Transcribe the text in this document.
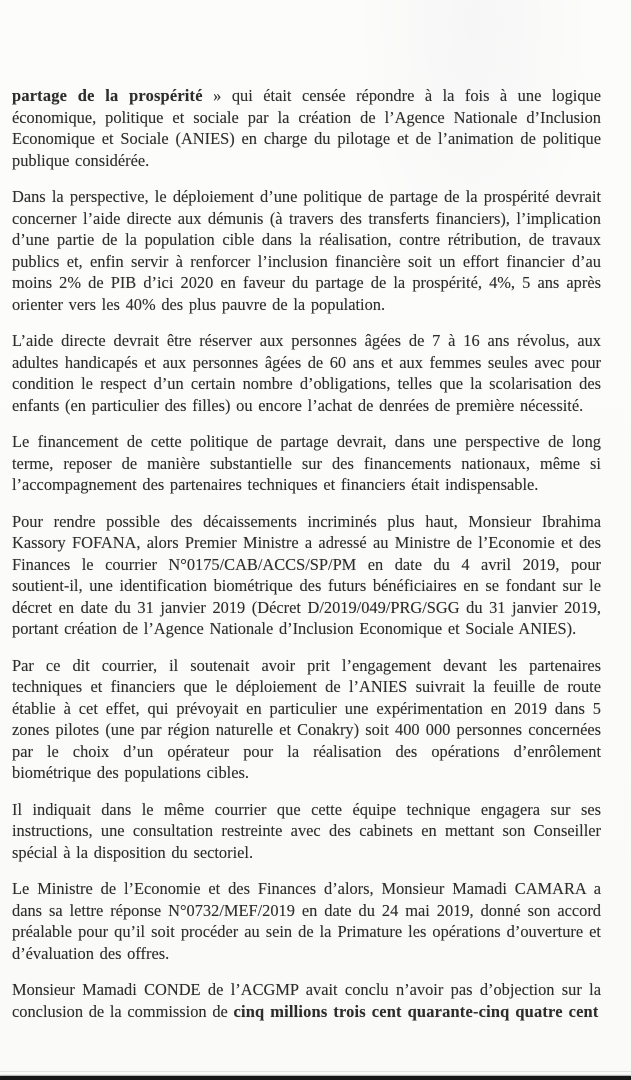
partage de la prospérité » qui était censée répondre à la fois à une logique économique, politique et sociale par la création de l’Agence Nationale d’Inclusion Economique et Sociale (ANIES) en charge du pilotage et de l’animation de politique publique considérée.

Dans la perspective, le déploiement d’une politique de partage de la prospérité devrait concerner l’aide directe aux démunis (à travers des transferts financiers), l’implication d’une partie de la population cible dans la réalisation, contre rétribution, de travaux publics et, enfin servir à renforcer l’inclusion financière soit un effort financier d’au moins 2% de PIB d’ici 2020 en faveur du partage de la prospérité, 4%, 5 ans après orienter vers les 40% des plus pauvre de la population.

L’aide directe devrait être réserver aux personnes âgées de 7 à 16 ans révolus, aux adultes handicapés et aux personnes âgées de 60 ans et aux femmes seules avec pour condition le respect d’un certain nombre d’obligations, telles que la scolarisation des enfants (en particulier des filles) ou encore l’achat de denrées de première nécessité.

Le financement de cette politique de partage devrait, dans une perspective de long terme, reposer de manière substantielle sur des financements nationaux, même si l’accompagnement des partenaires techniques et financiers était indispensable.

Pour rendre possible des décaissements incriminés plus haut, Monsieur Ibrahima Kassory FOFANA, alors Premier Ministre a adressé au Ministre de l’Economie et des Finances le courrier N°0175/CAB/ACCS/SP/PM en date du 4 avril 2019, pour soutient-il, une identification biométrique des futurs bénéficiaires en se fondant sur le décret en date du 31 janvier 2019 (Décret D/2019/049/PRG/SGG du 31 janvier 2019, portant création de l’Agence Nationale d’Inclusion Economique et Sociale ANIES).

Par ce dit courrier, il soutenait avoir prit l’engagement devant les partenaires techniques et financiers que le déploiement de l’ANIES suivrait la feuille de route établie à cet effet, qui prévoyait en particulier une expérimentation en 2019 dans 5 zones pilotes (une par région naturelle et Conakry) soit 400 000 personnes concernées par le choix d’un opérateur pour la réalisation des opérations d’enrôlement biométrique des populations cibles.

Il indiquait dans le même courrier que cette équipe technique engagera sur ses instructions, une consultation restreinte avec des cabinets en mettant son Conseiller spécial à la disposition du sectoriel.

Le Ministre de l’Economie et des Finances d’alors, Monsieur Mamadi CAMARA a dans sa lettre réponse N°0732/MEF/2019 en date du 24 mai 2019, donné son accord préalable pour qu’il soit procéder au sein de la Primature les opérations d’ouverture et d’évaluation des offres.

Monsieur Mamadi CONDE de l’ACGMP avait conclu n’avoir pas d’objection sur la conclusion de la commission de cinq millions trois cent quarante-cinq quatre cent
